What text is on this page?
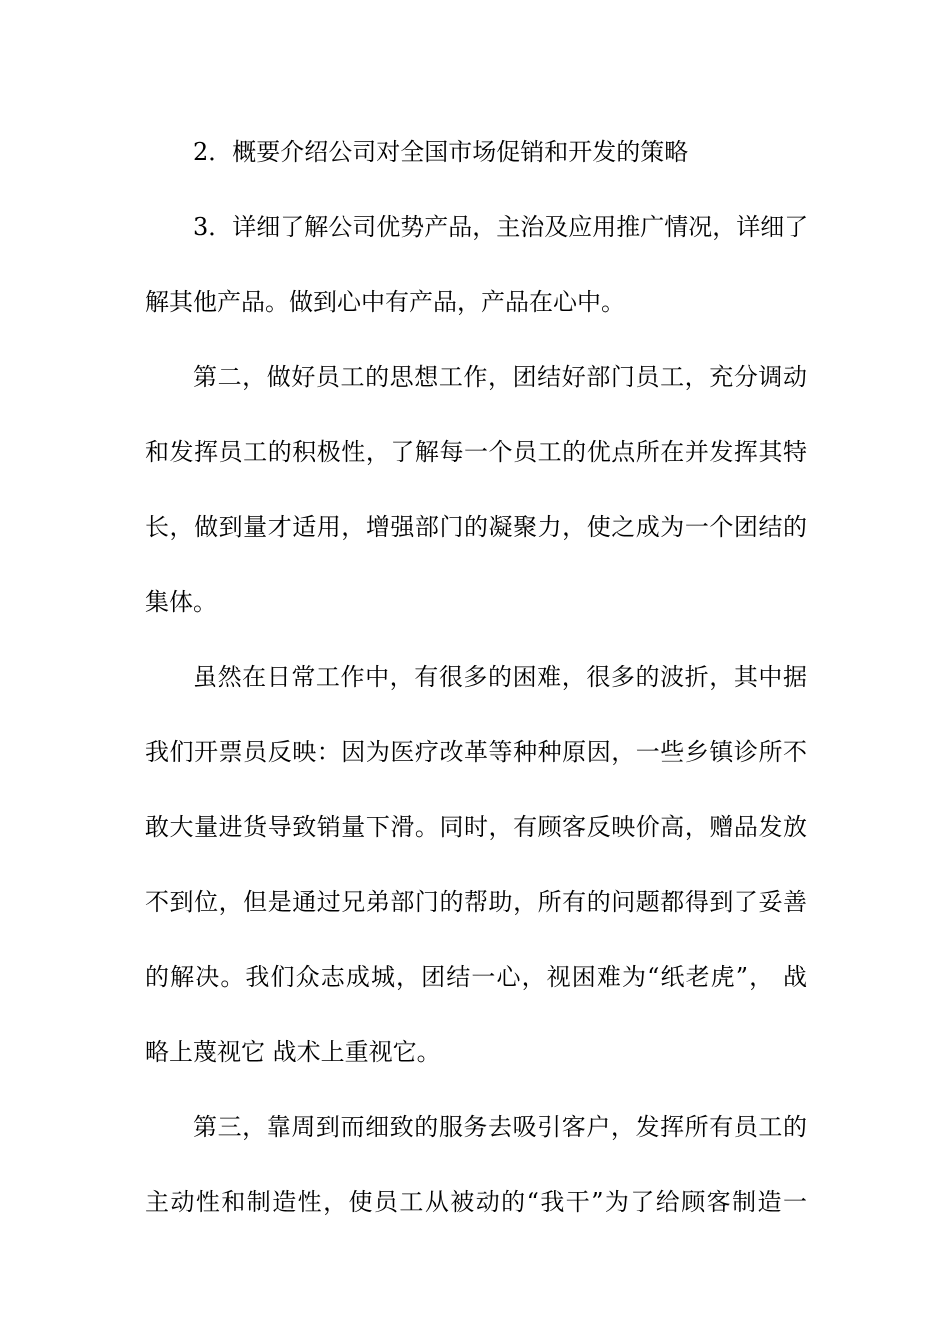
2．概要介绍公司对全国市场促销和开发的策略
3．详细了解公司优势产品，主治及应用推广情况，详细了
解其他产品。做到心中有产品，产品在心中。
第二，做好员工的思想工作，团结好部门员工，充分调动
和发挥员工的积极性，了解每一个员工的优点所在并发挥其特
长，做到量才适用，增强部门的凝聚力，使之成为一个团结的
集体。
虽然在日常工作中，有很多的困难，很多的波折，其中据
我们开票员反映：因为医疗改革等种种原因，一些乡镇诊所不
敢大量进货导致销量下滑。同时，有顾客反映价高，赠品发放
不到位，但是通过兄弟部门的帮助，所有的问题都得到了妥善
的解决。我们众志成城，团结一心，视困难为“纸老虎”， 战
略上蔑视它 战术上重视它。
第三，靠周到而细致的服务去吸引客户，发挥所有员工的
主动性和制造性，使员工从被动的“我干”为了给顾客制造一
